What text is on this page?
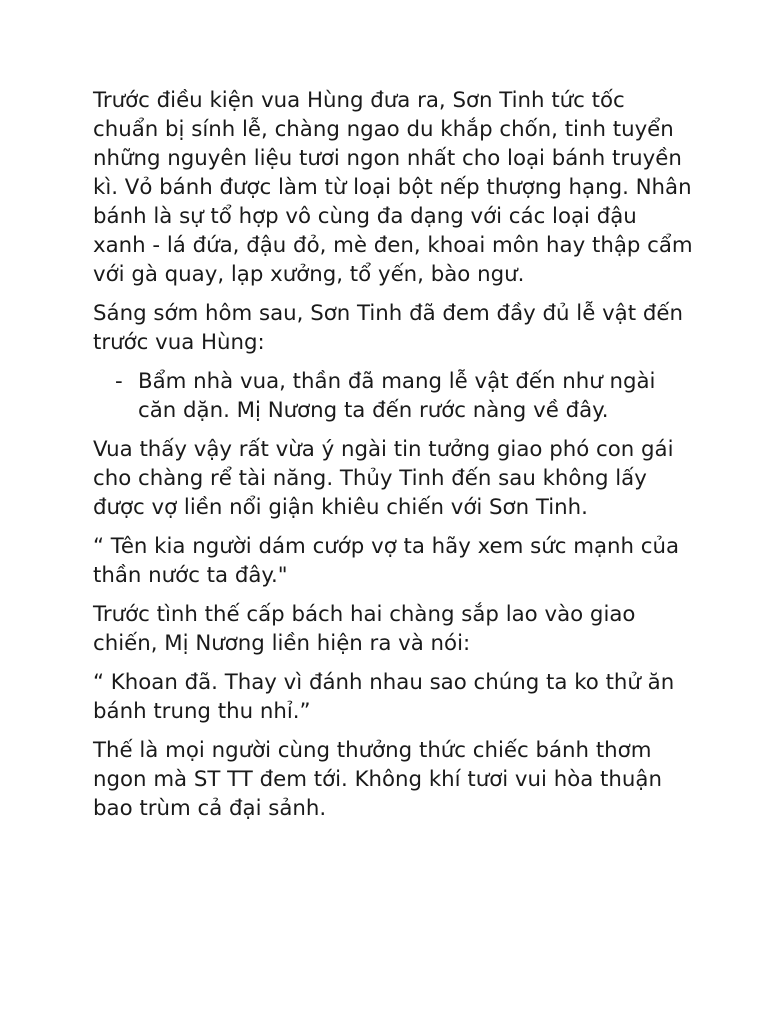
Trước điều kiện vua Hùng đưa ra, Sơn Tinh tức tốc chuẩn bị sính lễ, chàng ngao du khắp chốn, tinh tuyển những nguyên liệu tươi ngon nhất cho loại bánh truyền kì. Vỏ bánh được làm từ loại bột nếp thượng hạng. Nhân bánh là sự tổ hợp vô cùng đa dạng với các loại đậu xanh - lá đứa, đậu đỏ, mè đen, khoai môn hay thập cẩm với gà quay, lạp xưởng, tổ yến, bào ngư.

Sáng sớm hôm sau, Sơn Tinh đã đem đầy đủ lễ vật đến trước vua Hùng:

- Bẩm nhà vua, thần đã mang lễ vật đến như ngài căn dặn. Mị Nương ta đến rước nàng về đây.

Vua thấy vậy rất vừa ý ngài tin tưởng giao phó con gái cho chàng rể tài năng. Thủy Tinh đến sau không lấy được vợ liền nổi giận khiêu chiến với Sơn Tinh.

“ Tên kia người dám cướp vợ ta hãy xem sức mạnh của thần nước ta đây."

Trước tình thế cấp bách hai chàng sắp lao vào giao chiến, Mị Nương liền hiện ra và nói:

“ Khoan đã. Thay vì đánh nhau sao chúng ta ko thử ăn bánh trung thu nhỉ.”

Thế là mọi người cùng thưởng thức chiếc bánh thơm ngon mà ST TT đem tới. Không khí tươi vui hòa thuận bao trùm cả đại sảnh.
